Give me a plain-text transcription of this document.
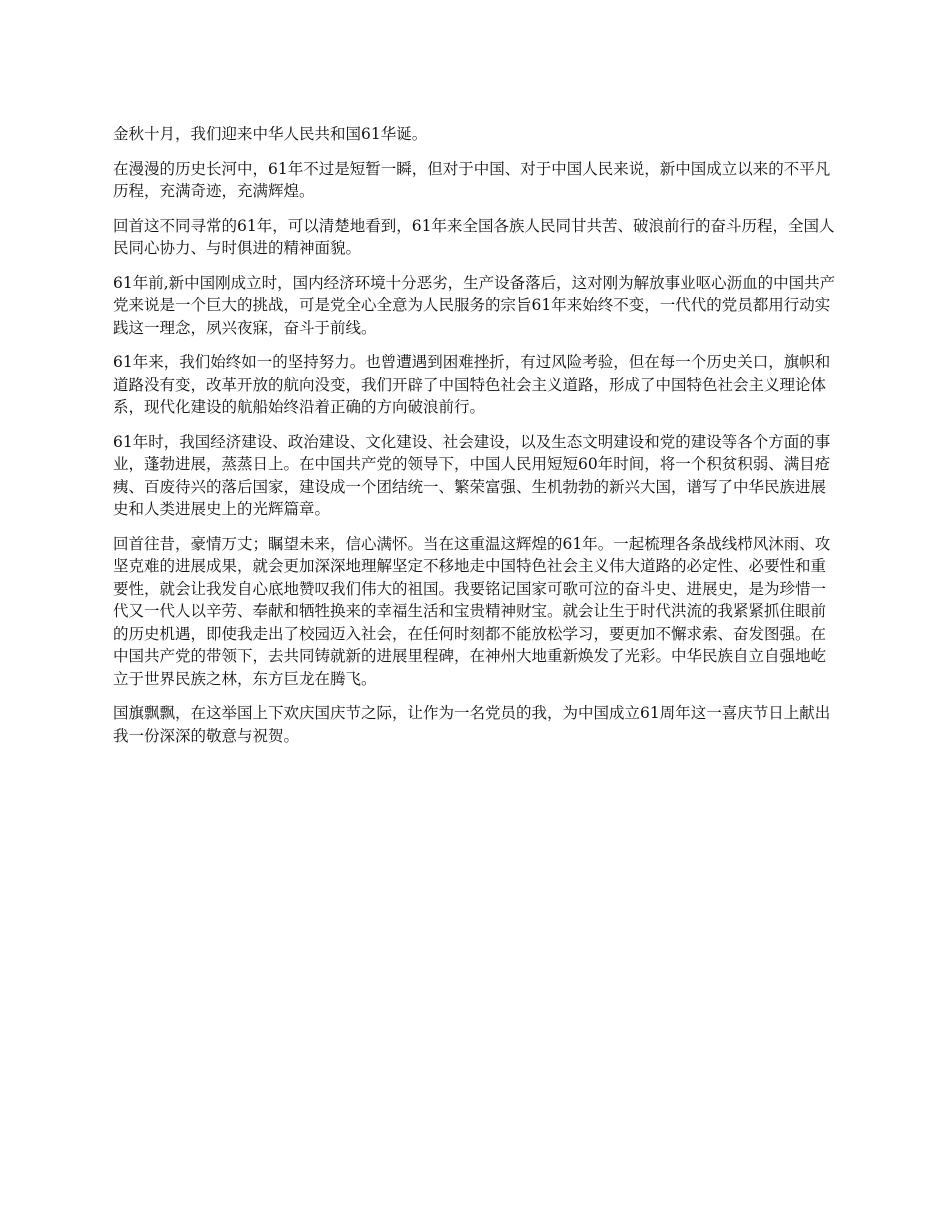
金秋十月，我们迎来中华人民共和国61华诞。

在漫漫的历史长河中，61年不过是短暂一瞬，但对于中国、对于中国人民来说，新中国成立以来的不平凡历程，充满奇迹，充满辉煌。

回首这不同寻常的61年，可以清楚地看到，61年来全国各族人民同甘共苦、破浪前行的奋斗历程，全国人民同心协力、与时俱进的精神面貌。

61年前,新中国刚成立时，国内经济环境十分恶劣，生产设备落后，这对刚为解放事业呕心沥血的中国共产党来说是一个巨大的挑战，可是党全心全意为人民服务的宗旨61年来始终不变，一代代的党员都用行动实践这一理念，夙兴夜寐，奋斗于前线。

61年来，我们始终如一的坚持努力。也曾遭遇到困难挫折，有过风险考验，但在每一个历史关口，旗帜和道路没有变，改革开放的航向没变，我们开辟了中国特色社会主义道路，形成了中国特色社会主义理论体系，现代化建设的航船始终沿着正确的方向破浪前行。

61年时，我国经济建设、政治建设、文化建设、社会建设，以及生态文明建设和党的建设等各个方面的事业，蓬勃进展，蒸蒸日上。在中国共产党的领导下，中国人民用短短60年时间，将一个积贫积弱、满目疮痍、百废待兴的落后国家，建设成一个团结统一、繁荣富强、生机勃勃的新兴大国，谱写了中华民族进展史和人类进展史上的光辉篇章。

回首往昔，豪情万丈；瞩望未来，信心满怀。当在这重温这辉煌的61年。一起梳理各条战线栉风沐雨、攻坚克难的进展成果，就会更加深深地理解坚定不移地走中国特色社会主义伟大道路的必定性、必要性和重要性，就会让我发自心底地赞叹我们伟大的祖国。我要铭记国家可歌可泣的奋斗史、进展史，是为珍惜一代又一代人以辛劳、奉献和牺牲换来的幸福生活和宝贵精神财宝。就会让生于时代洪流的我紧紧抓住眼前的历史机遇，即使我走出了校园迈入社会，在任何时刻都不能放松学习，要更加不懈求索、奋发图强。在中国共产党的带领下，去共同铸就新的进展里程碑，在神州大地重新焕发了光彩。中华民族自立自强地屹立于世界民族之林，东方巨龙在腾飞。

国旗飘飘，在这举国上下欢庆国庆节之际，让作为一名党员的我，为中国成立61周年这一喜庆节日上献出我一份深深的敬意与祝贺。
